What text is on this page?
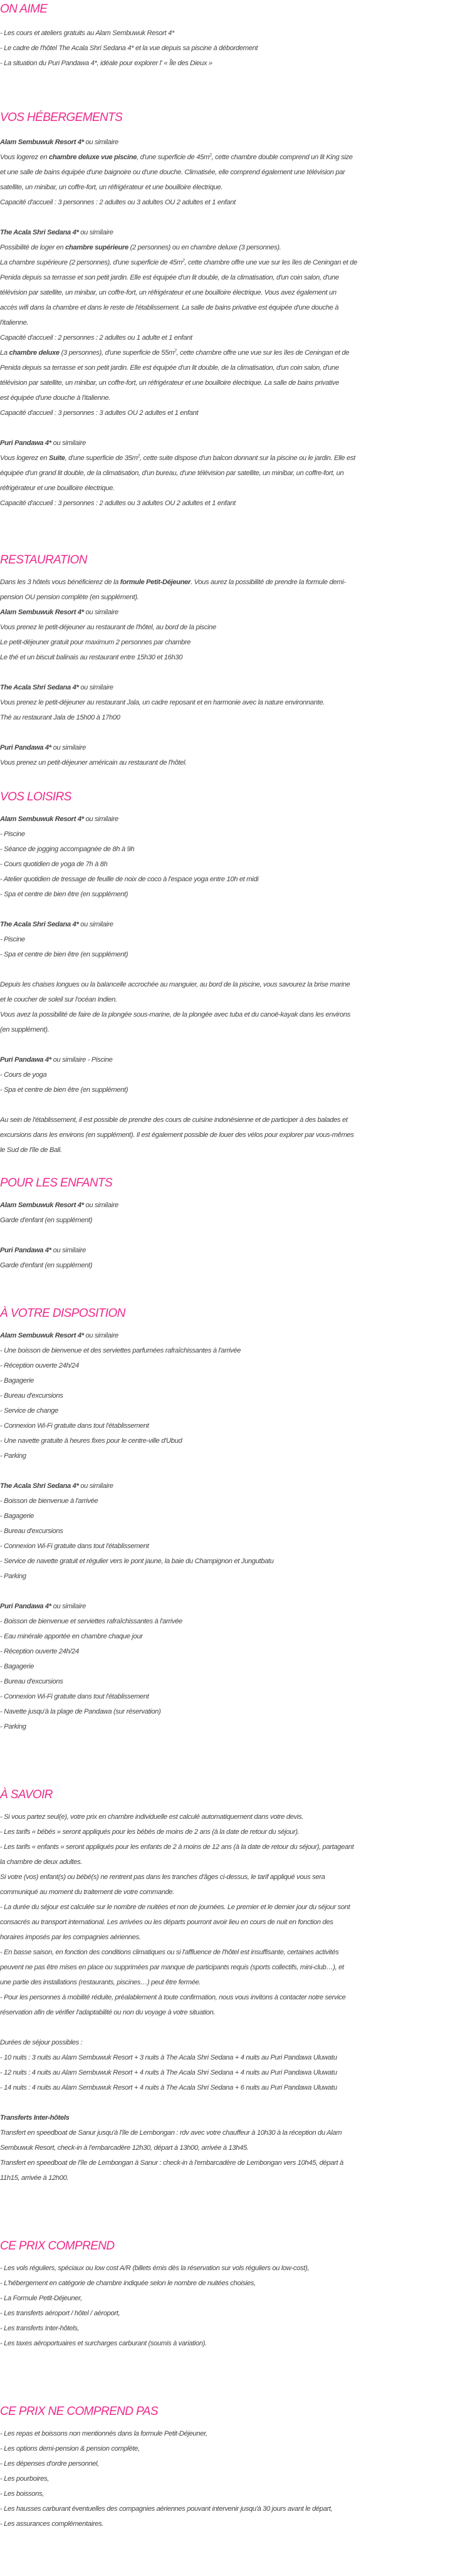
ON AIME

- Les cours et ateliers gratuits au Alam Sembuwuk Resort 4*

- Le cadre de l'hôtel The Acala Shri Sedana 4* et la vue depuis sa piscine à débordement

- La situation du Puri Pandawa 4*, idéale pour explorer l' « Île des Dieux »

VOS HÉBERGEMENTS

Alam Sembuwuk Resort 4* ou similaire

Vous logerez en chambre deluxe vue piscine, d'une superficie de $45m^2$, cette chambre double comprend un lit King size

et une salle de bains équipée d'une baignoire ou d'une douche. Climatisée, elle comprend également une télévision par

satellite, un minibar, un coffre-fort, un réfrigérateur et une bouilloire électrique.

Capacité d'accueil : 3 personnes : 2 adultes ou 3 adultes OU 2 adultes et 1 enfant

The Acala Shri Sedana 4* ou similaire

Possibilité de loger en chambre supérieure (2 personnes) ou en chambre deluxe (3 personnes).

La chambre supérieure (2 personnes), d'une superficie de $45m^2$, cette chambre offre une vue sur les îles de Ceningan et de

Penida depuis sa terrasse et son petit jardin. Elle est équipée d'un lit double, de la climatisation, d'un coin salon, d'une

télévision par satellite, un minibar, un coffre-fort, un réfrigérateur et une bouilloire électrique. Vous avez également un

accès wifi dans la chambre et dans le reste de l'établissement. La salle de bains privative est équipée d'une douche à

l'italienne.

Capacité d'accueil : 2 personnes : 2 adultes ou 1 adulte et 1 enfant

La chambre deluxe (3 personnes), d'une superficie de $55m^2$, cette chambre offre une vue sur les îles de Ceningan et de

Penida depuis sa terrasse et son petit jardin. Elle est équipée d'un lit double, de la climatisation, d'un coin salon, d'une

télévision par satellite, un minibar, un coffre-fort, un réfrigérateur et une bouilloire électrique. La salle de bains privative

est équipée d'une douche à l'italienne.

Capacité d'accueil : 3 personnes : 3 adultes OU 2 adultes et 1 enfant

Puri Pandawa 4* ou similaire

Vous logerez en Suite, d'une superficie de $35m^2$, cette suite dispose d'un balcon donnant sur la piscine ou le jardin. Elle est

équipée d'un grand lit double, de la climatisation, d'un bureau, d'une télévision par satellite, un minibar, un coffre-fort, un

réfrigérateur et une bouilloire électrique.

Capacité d'accueil : 3 personnes : 2 adultes ou 3 adultes OU 2 adultes et 1 enfant

RESTAURATION

Dans les 3 hôtels vous bénéficierez de la formule Petit-Déjeuner. Vous aurez la possibilité de prendre la formule demi-

pension OU pension complète (en supplément).

Alam Sembuwuk Resort 4* ou similaire

Vous prenez le petit-déjeuner au restaurant de l'hôtel, au bord de la piscine

Le petit-déjeuner gratuit pour maximum 2 personnes par chambre

Le thé et un biscuit balinais au restaurant entre 15h30 et 16h30

The Acala Shri Sedana 4* ou similaire

Vous prenez le petit-déjeuner au restaurant Jala, un cadre reposant et en harmonie avec la nature environnante.

Thé au restaurant Jala de 15h00 à 17h00

Puri Pandawa 4* ou similaire

Vous prenez un petit-déjeuner américain au restaurant de l'hôtel.

VOS LOISIRS

Alam Sembuwuk Resort 4* ou similaire

- Piscine

- Séance de jogging accompagnée de 8h à 9h

- Cours quotidien de yoga de 7h à 8h

- Atelier quotidien de tressage de feuille de noix de coco à l'espace yoga entre 10h et midi

- Spa et centre de bien être (en supplément)

The Acala Shri Sedana 4* ou similaire

- Piscine

- Spa et centre de bien être (en supplément)

Depuis les chaises longues ou la balancelle accrochée au manguier, au bord de la piscine, vous savourez la brise marine

et le coucher de soleil sur l'océan Indien.

Vous avez la possibilité de faire de la plongée sous-marine, de la plongée avec tuba et du canoë-kayak dans les environs

(en supplément).

Puri Pandawa 4* ou similaire - Piscine

- Cours de yoga

- Spa et centre de bien être (en supplément)

Au sein de l'établissement, il est possible de prendre des cours de cuisine indonésienne et de participer à des balades et

excursions dans les environs (en supplément). Il est également possible de louer des vélos pour explorer par vous-mêmes

le Sud de l'île de Bali.

POUR LES ENFANTS

Alam Sembuwuk Resort 4* ou similaire

Garde d'enfant (en supplément)

Puri Pandawa 4* ou similaire

Garde d'enfant (en supplément)

À VOTRE DISPOSITION

Alam Sembuwuk Resort 4* ou similaire

- Une boisson de bienvenue et des serviettes parfumées rafraîchissantes à l'arrivée

- Réception ouverte 24h/24

- Bagagerie

- Bureau d'excursions

- Service de change

- Connexion Wi-Fi gratuite dans tout l'établissement

- Une navette gratuite à heures fixes pour le centre-ville d'Ubud

- Parking

The Acala Shri Sedana 4* ou similaire

- Boisson de bienvenue à l'arrivée

- Bagagerie

- Bureau d'excursions

- Connexion Wi-Fi gratuite dans tout l'établissement

- Service de navette gratuit et régulier vers le pont jaune, la baie du Champignon et Jungutbatu

- Parking

Puri Pandawa 4* ou similaire

- Boisson de bienvenue et serviettes rafraîchissantes à l'arrivée

- Eau minérale apportée en chambre chaque jour

- Réception ouverte 24h/24

- Bagagerie

- Bureau d'excursions

- Connexion Wi-Fi gratuite dans tout l'établissement

- Navette jusqu'à la plage de Pandawa (sur réservation)

- Parking

À SAVOIR

- Si vous partez seul(e), votre prix en chambre individuelle est calculé automatiquement dans votre devis.

- Les tarifs « bébés » seront appliqués pour les bébés de moins de 2 ans (à la date de retour du séjour).

- Les tarifs « enfants » seront appliqués pour les enfants de 2 à moins de 12 ans (à la date de retour du séjour), partageant

la chambre de deux adultes.

Si votre (vos) enfant(s) ou bébé(s) ne rentrent pas dans les tranches d'âges ci-dessus, le tarif appliqué vous sera

communiqué au moment du traitement de votre commande.

- La durée du séjour est calculée sur le nombre de nuitées et non de journées. Le premier et le dernier jour du séjour sont

consacrés au transport international. Les arrivées ou les départs pourront avoir lieu en cours de nuit en fonction des

horaires imposés par les compagnies aériennes.

- En basse saison, en fonction des conditions climatiques ou si l'affluence de l'hôtel est insuffisante, certaines activités

peuvent ne pas être mises en place ou supprimées par manque de participants requis (sports collectifs, mini-club…), et

une partie des installations (restaurants, piscines…) peut être fermée.

- Pour les personnes à mobilité réduite, préalablement à toute confirmation, nous vous invitons à contacter notre service

réservation afin de vérifier l'adaptabilité ou non du voyage à votre situation.

Durées de séjour possibles :

- 10 nuits : 3 nuits au Alam Sembuwuk Resort + 3 nuits à The Acala Shri Sedana + 4 nuits au Puri Pandawa Uluwatu

- 12 nuits : 4 nuits au Alam Sembuwuk Resort + 4 nuits à The Acala Shri Sedana + 4 nuits au Puri Pandawa Uluwatu

- 14 nuits : 4 nuits au Alam Sembuwuk Resort + 4 nuits à The Acala Shri Sedana + 6 nuits au Puri Pandawa Uluwatu

Transferts Inter-hôtels

Transfert en speedboat de Sanur jusqu'à l'île de Lembongan : rdv avec votre chauffeur à 10h30 à la réception du Alam

Sembuwuk Resort, check-in à l'embarcadère 12h30, départ à 13h00, arrivée à 13h45.

Transfert en speedboat de l'île de Lembongan à Sanur : check-in à l'embarcadère de Lembongan vers 10h45, départ à

11h15, arrivée à 12h00.

CE PRIX COMPREND

- Les vols réguliers, spéciaux ou low cost A/R (billets émis dès la réservation sur vols réguliers ou low-cost),

- L'hébergement en catégorie de chambre indiquée selon le nombre de nuitées choisies,

- La Formule Petit-Déjeuner,

- Les transferts aéroport / hôtel / aéroport,

- Les transferts Inter-hôtels,

- Les taxes aéroportuaires et surcharges carburant (soumis à variation).

CE PRIX NE COMPREND PAS

- Les repas et boissons non mentionnés dans la formule Petit-Déjeuner,

- Les options demi-pension & pension complète,

- Les dépenses d'ordre personnel,

- Les pourboires,

- Les boissons,

- Les hausses carburant éventuelles des compagnies aériennes pouvant intervenir jusqu'à 30 jours avant le départ,

- Les assurances complémentaires.
